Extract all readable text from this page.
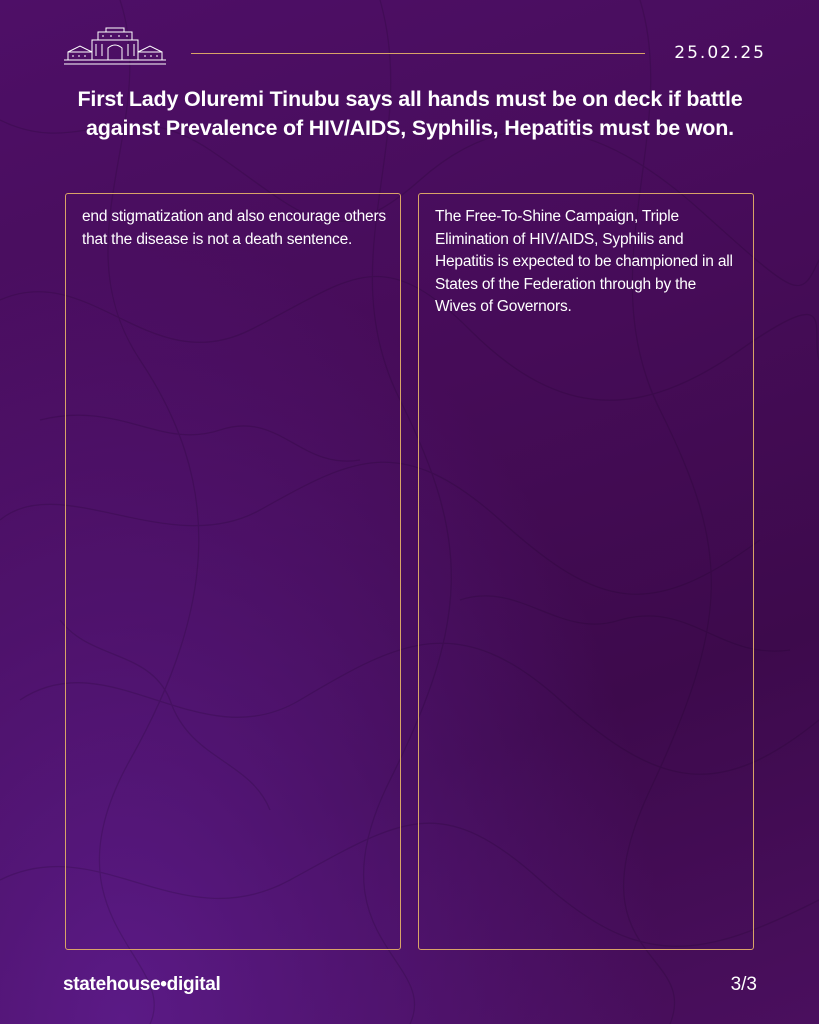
25.02.25
First Lady Oluremi Tinubu says all hands must be on deck if battle against Prevalence of HIV/AIDS, Syphilis, Hepatitis must be won.
end stigmatization and also encourage others that the disease is not a death sentence.
The Free-To-Shine Campaign, Triple Elimination of HIV/AIDS, Syphilis and Hepatitis is expected to be championed in all States of the Federation through by the Wives of Governors.
statehouse•digital	3/3
